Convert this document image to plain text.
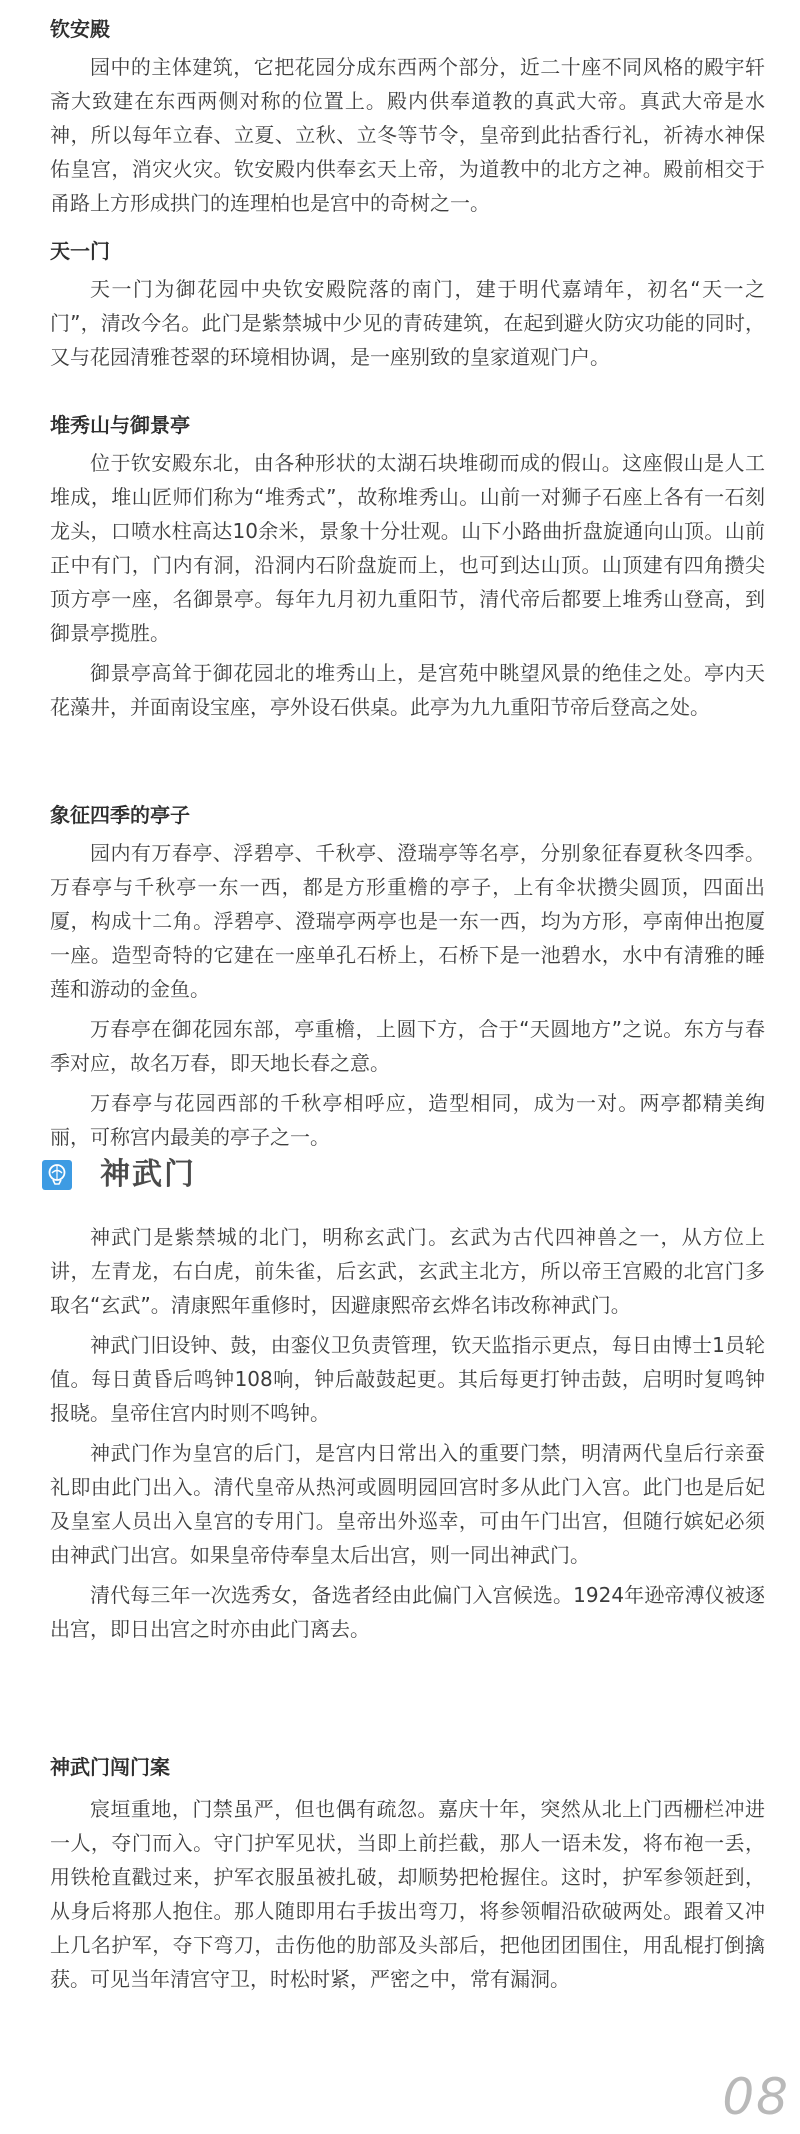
钦安殿

园中的主体建筑，它把花园分成东西两个部分，近二十座不同风格的殿宇轩斋大致建在东西两侧对称的位置上。殿内供奉道教的真武大帝。真武大帝是水神，所以每年立春、立夏、立秋、立冬等节令，皇帝到此拈香行礼，祈祷水神保佑皇宫，消灾火灾。钦安殿内供奉玄天上帝，为道教中的北方之神。殿前相交于甬路上方形成拱门的连理柏也是宫中的奇树之一。

天一门

天一门为御花园中央钦安殿院落的南门，建于明代嘉靖年，初名“天一之门”，清改今名。此门是紫禁城中少见的青砖建筑，在起到避火防灾功能的同时，又与花园清雅苍翠的环境相协调，是一座别致的皇家道观门户。

堆秀山与御景亭

位于钦安殿东北，由各种形状的太湖石块堆砌而成的假山。这座假山是人工堆成，堆山匠师们称为“堆秀式”，故称堆秀山。山前一对狮子石座上各有一石刻龙头，口喷水柱高达10余米，景象十分壮观。山下小路曲折盘旋通向山顶。山前正中有门，门内有洞，沿洞内石阶盘旋而上，也可到达山顶。山顶建有四角攒尖顶方亭一座，名御景亭。每年九月初九重阳节，清代帝后都要上堆秀山登高，到御景亭揽胜。

御景亭高耸于御花园北的堆秀山上，是宫苑中眺望风景的绝佳之处。亭内天花藻井，并面南设宝座，亭外设石供桌。此亭为九九重阳节帝后登高之处。

象征四季的亭子

园内有万春亭、浮碧亭、千秋亭、澄瑞亭等名亭，分别象征春夏秋冬四季。万春亭与千秋亭一东一西，都是方形重檐的亭子，上有伞状攒尖圆顶，四面出厦，构成十二角。浮碧亭、澄瑞亭两亭也是一东一西，均为方形，亭南伸出抱厦一座。造型奇特的它建在一座单孔石桥上，石桥下是一池碧水，水中有清雅的睡莲和游动的金鱼。

万春亭在御花园东部，亭重檐，上圆下方，合于“天圆地方”之说。东方与春季对应，故名万春，即天地长春之意。

万春亭与花园西部的千秋亭相呼应，造型相同，成为一对。两亭都精美绚丽，可称宫内最美的亭子之一。

神武门

神武门是紫禁城的北门，明称玄武门。玄武为古代四神兽之一，从方位上讲，左青龙，右白虎，前朱雀，后玄武，玄武主北方，所以帝王宫殿的北宫门多取名“玄武”。清康熙年重修时，因避康熙帝玄烨名讳改称神武门。

神武门旧设钟、鼓，由銮仪卫负责管理，钦天监指示更点，每日由博士1员轮值。每日黄昏后鸣钟108响，钟后敲鼓起更。其后每更打钟击鼓，启明时复鸣钟报晓。皇帝住宫内时则不鸣钟。

神武门作为皇宫的后门，是宫内日常出入的重要门禁，明清两代皇后行亲蚕礼即由此门出入。清代皇帝从热河或圆明园回宫时多从此门入宫。此门也是后妃及皇室人员出入皇宫的专用门。皇帝出外巡幸，可由午门出宫，但随行嫔妃必须由神武门出宫。如果皇帝侍奉皇太后出宫，则一同出神武门。

清代每三年一次选秀女，备选者经由此偏门入宫候选。1924年逊帝溥仪被逐出宫，即日出宫之时亦由此门离去。

神武门闯门案

宸垣重地，门禁虽严，但也偶有疏忽。嘉庆十年，突然从北上门西栅栏冲进一人，夺门而入。守门护军见状，当即上前拦截，那人一语未发，将布袍一丢，用铁枪直戳过来，护军衣服虽被扎破，却顺势把枪握住。这时，护军参领赶到，从身后将那人抱住。那人随即用右手拔出弯刀，将参领帽沿砍破两处。跟着又冲上几名护军，夺下弯刀，击伤他的肋部及头部后，把他团团围住，用乱棍打倒擒获。可见当年清宫守卫，时松时紧，严密之中，常有漏洞。

08
